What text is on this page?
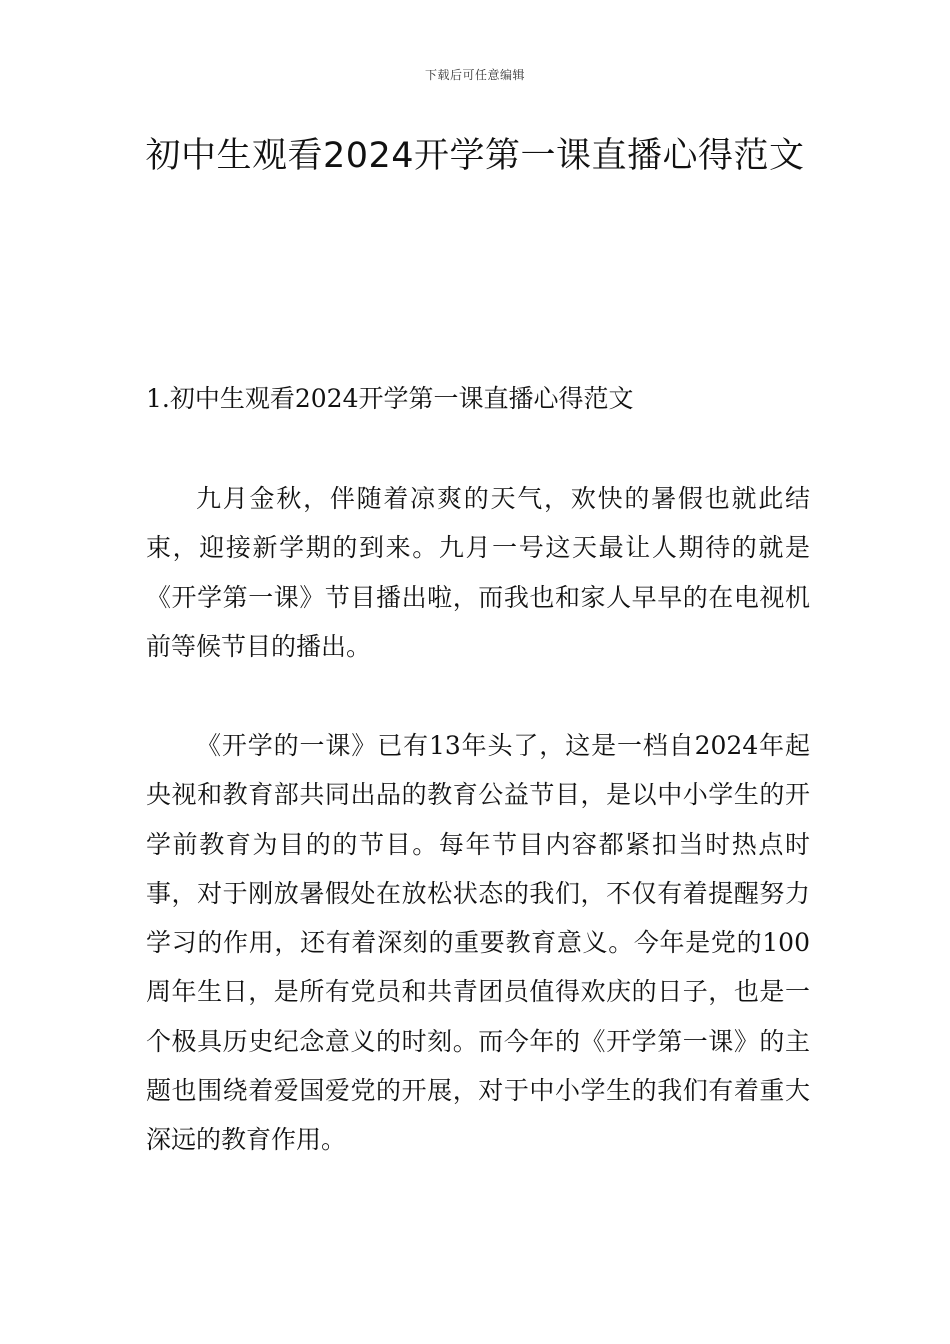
下载后可任意编辑
初中生观看2024开学第一课直播心得范文
1.初中生观看2024开学第一课直播心得范文

九月金秋，伴随着凉爽的天气，欢快的暑假也就此结束，迎接新学期的到来。九月一号这天最让人期待的就是《开学第一课》节目播出啦，而我也和家人早早的在电视机前等候节目的播出。

《开学的一课》已有13年头了，这是一档自2024年起央视和教育部共同出品的教育公益节目，是以中小学生的开学前教育为目的的节目。每年节目内容都紧扣当时热点时事，对于刚放暑假处在放松状态的我们，不仅有着提醒努力学习的作用，还有着深刻的重要教育意义。今年是党的100周年生日，是所有党员和共青团员值得欢庆的日子，也是一个极具历史纪念意义的时刻。而今年的《开学第一课》的主题也围绕着爱国爱党的开展，对于中小学生的我们有着重大深远的教育作用。
